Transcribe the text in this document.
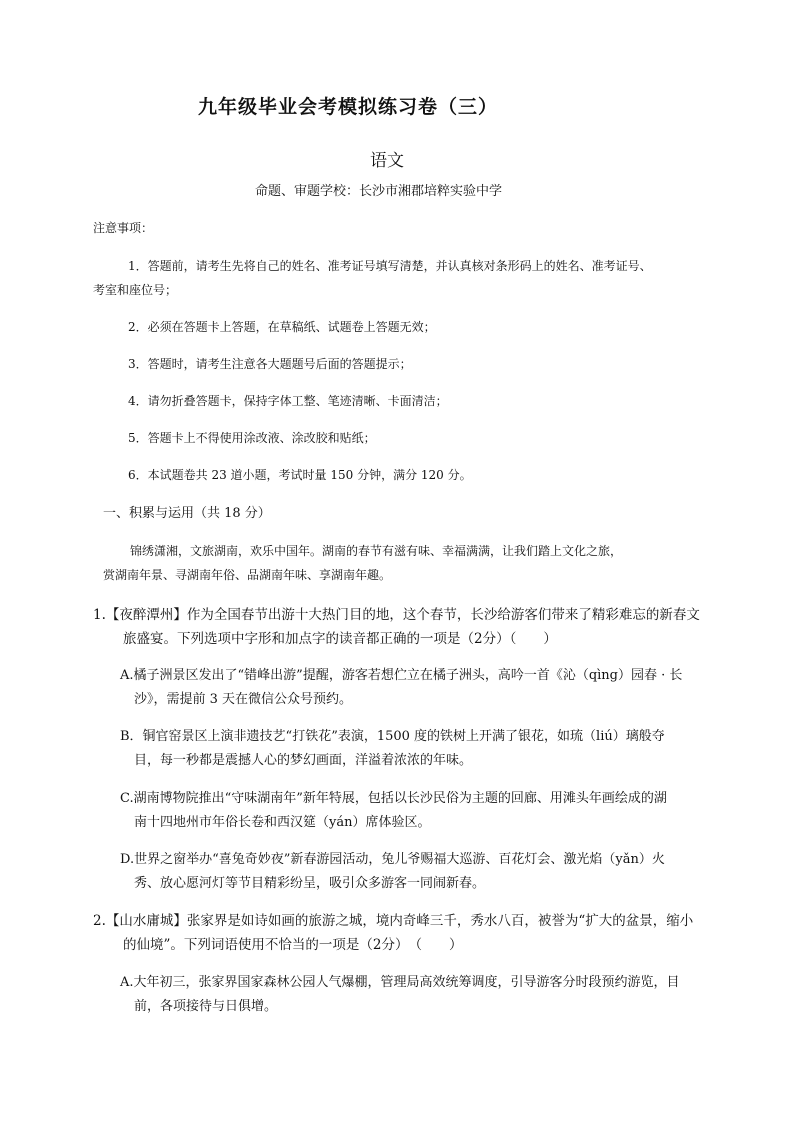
九年级毕业会考模拟练习卷（三）
语文
命题、审题学校：长沙市湘郡培粹实验中学
注意事项：
1．答题前，请考生先将自己的姓名、准考证号填写清楚，并认真核对条形码上的姓名、准考证号、
考室和座位号；
2．必须在答题卡上答题，在草稿纸、试题卷上答题无效；
3．答题时，请考生注意各大题题号后面的答题提示；
4．请勿折叠答题卡，保持字体工整、笔迹清晰、卡面清洁；
5．答题卡上不得使用涂改液、涂改胶和贴纸；
6．本试题卷共 23 道小题，考试时量 150 分钟，满分 120 分。
一、积累与运用（共 18 分）
锦绣潇湘，文旅湖南，欢乐中国年。湖南的春节有滋有味、幸福满满，让我们踏上文化之旅，
赏湖南年景、寻湖南年俗、品湖南年味、享湖南年趣。
1.【夜醉潭州】作为全国春节出游十大热门目的地，这个春节，长沙给游客们带来了精彩难忘的新春文
旅盛宴。下列选项中字形和加点字的读音都正确的一项是（2分）（　　）
A.橘子洲景区发出了“错峰出游”提醒，游客若想伫立在橘子洲头，高吟一首《沁（qìng）园春 · 长
沙》，需提前 3 天在微信公众号预约。
B．铜官窑景区上演非遗技艺“打铁花”表演，1500 度的铁树上开满了银花，如琉（liú）璃般夺
目，每一秒都是震撼人心的梦幻画面，洋溢着浓浓的年味。
C.湖南博物院推出“守味湖南年”新年特展，包括以长沙民俗为主题的回廊、用滩头年画绘成的湖
南十四地州市年俗长卷和西汉筵（yán）席体验区。
D.世界之窗举办“喜兔奇妙夜”新春游园活动，兔儿爷赐福大巡游、百花灯会、激光焰（yǎn）火
秀、放心愿河灯等节目精彩纷呈，吸引众多游客一同闹新春。
2.【山水庸城】张家界是如诗如画的旅游之城，境内奇峰三千，秀水八百，被誉为“扩大的盆景，缩小
的仙境”。下列词语使用不恰当的一项是（2分）　（　　）
A.大年初三，张家界国家森林公园人气爆棚，管理局高效统筹调度，引导游客分时段预约游览，目
前，各项接待与日俱增。
